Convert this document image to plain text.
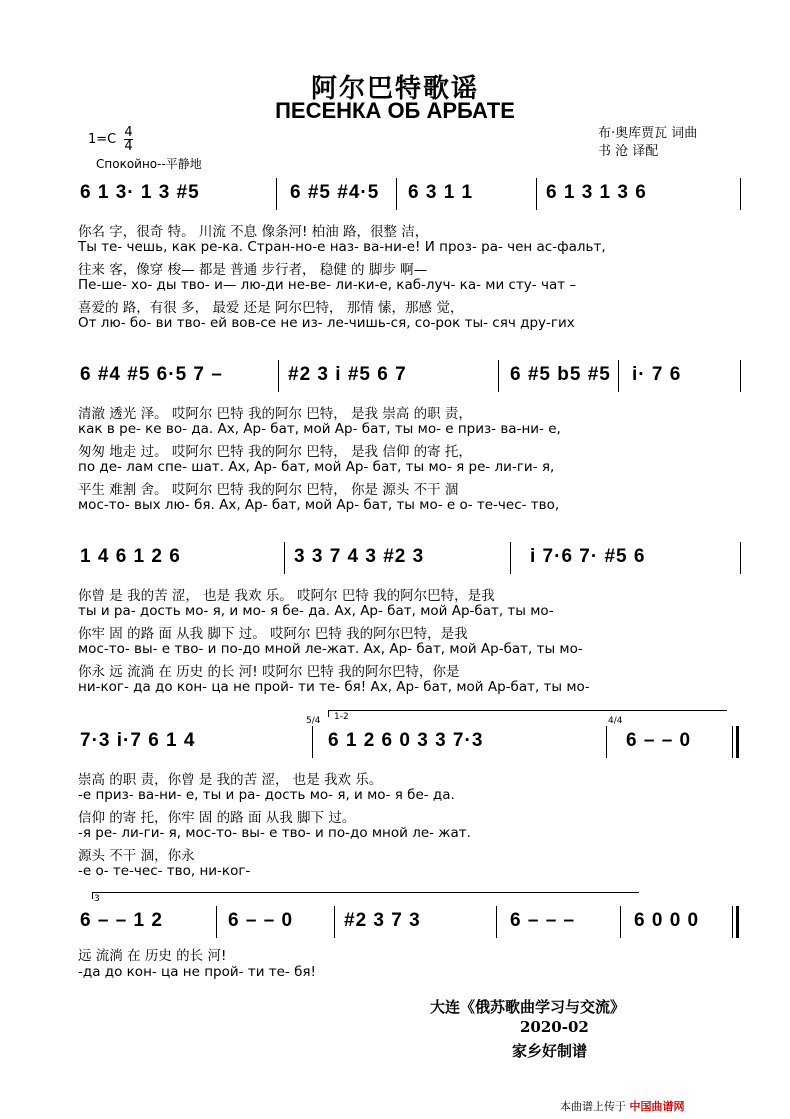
阿尔巴特歌谣
ПЕСЕНКА ОБ АРБАТЕ
$1=C \frac{4}{4}$
Спокойно--平静地
布·奥库贾瓦 词曲
书 沧 译配
6 1 3· 1 3 #5	6 #5 #4·5 6 3 1 1	6 1 3 1 3 6
你名 字，很奇 特。 川流 不息 像条河! 柏油 路，很整 洁，
Ты те- чешь, как ре-ка. Стран-но-е наз- ва-ни-е! И проз- ра- чен ас-фальт,
往来 客，像穿 梭— 都是 普通 步行者， 稳健 的 脚步 啊—
Пе-ше- хо- ды тво- и— лю-ди не-ве- ли-ки-е, каб-луч- ка- ми сту- чат –
喜爱的 路，有很 多， 最爱 还是 阿尔巴特， 那情 愫，那感 觉，
От лю- бо- ви тво- ей вов-се не из- ле-чишь-ся, со-рок ты- сяч дру-гих
6 #4 #5 6·5 7 –	#2 3 i #5 6 7	6 #5 b5 #5 i· 7 6
清澈 透光 泽。 哎阿尔 巴特 我的阿尔 巴特， 是我 崇高 的职 责，
как в ре- ке во- да. Ах, Ар- бат, мой Ар- бат, ты мо- е приз- ва-ни- е,
匆匆 地走 过。 哎阿尔 巴特 我的阿尔 巴特， 是我 信仰 的寄 托，
по де- лам спе- шат. Ах, Ар- бат, мой Ар- бат, ты мо- я ре- ли-ги- я,
平生 难割 舍。 哎阿尔 巴特 我的阿尔 巴特， 你是 源头 不干 涸
мос-то- вых лю- бя. Ах, Ар- бат, мой Ар- бат, ты мо- е о- те-чес- тво,
1 4 6 1 2 6	3 3 7 4 3 #2 3	i 7·6 7· #5 6
你曾 是 我的苦 涩， 也是 我欢 乐。 哎阿尔 巴特 我的阿尔巴特，是我
ты и ра- дость мо- я, и мо- я бе- да. Ах, Ар- бат, мой Ар-бат, ты мо-
你牢 固 的路 面 从我 脚下 过。 哎阿尔 巴特 我的阿尔巴特，是我
мос-то- вы- е тво- и по-до мной ле-жат. Ах, Ар- бат, мой Ар-бат, ты мо-
你永 远 流淌 在 历史 的长 河! 哎阿尔 巴特 我的阿尔巴特，你是
ни-ког- да до кон- ца не прой- ти те- бя! Ах, Ар- бат, мой Ар-бат, ты мо-
5/4 1-2	4/4
7·3 i·7 6 1 4	6 1 2 6 0 3 3 7·3	6 – – 0
崇高 的职 责，你曾 是 我的苦 涩， 也是 我欢 乐。
-е приз- ва-ни- е, ты и ра- дость мо- я, и мо- я бе- да.
信仰 的寄 托，你牢 固 的路 面 从我 脚下 过。
-я ре- ли-ги- я, мос-то- вы- е тво- и по-до мной ле- жат.
源头 不干 涸，你永
-е о- те-чес- тво, ни-ког-
3
6 – – 1 2	6 – – 0	#2 3 7 3	6 – – –	6 0 0 0
远 流淌 在 历史 的长 河!
-да до кон- ца не прой- ти те- бя!
大连《俄苏歌曲学习与交流》
2020-02
家乡好制谱
本曲谱上传于 中国曲谱网
